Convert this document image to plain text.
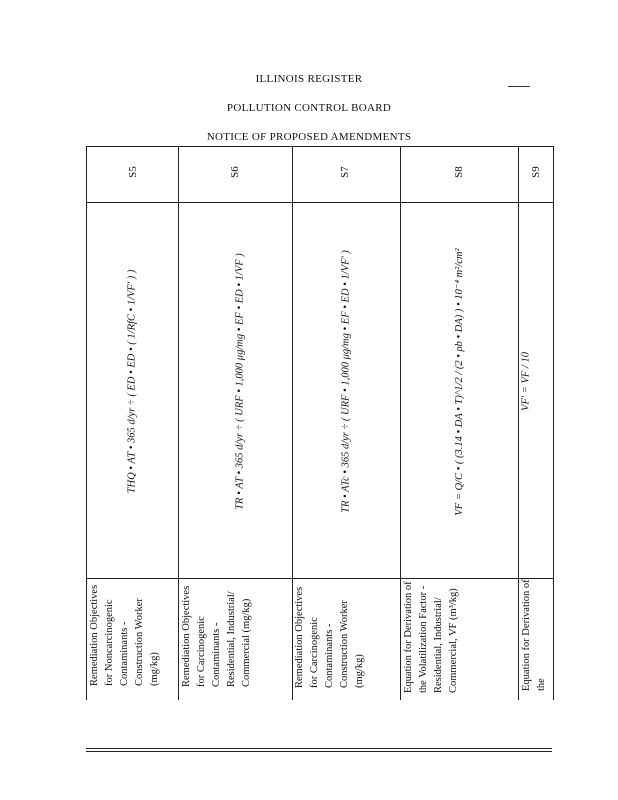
ILLINOIS REGISTER
POLLUTION CONTROL BOARD
NOTICE OF PROPOSED AMENDMENTS
S5
Remediation Objectives for Noncarcinogenic Contaminants - Construction Worker (mg/kg)
THQ • AT • 365 d/yr ÷ ( ED • ED • ( 1/RfC • 1/VF' ) )
S6
Remediation Objectives for Carcinogenic Contaminants - Residential, Industrial/ Commercial (mg/kg)
TR • AT • 365 d/yr ÷ ( URF • 1,000 μg/mg • EF • ED • 1/VF )
S7
Remediation Objectives for Carcinogenic Contaminants - Construction Worker (mg/kg)
TR • ATc • 365 d/yr ÷ ( URF • 1,000 μg/mg • EF • ED • 1/VF' )
S8
Equation for Derivation of the Volatilization Factor - Residential, Industrial/ Commercial, VF (m³/kg)
VF = Q/C • ( (3.14 • DA • T)^1/2 / (2 • ρb • DA) ) • 10⁻⁴ m²/cm²
S9
Equation for Derivation of the
VF' = VF / 10
